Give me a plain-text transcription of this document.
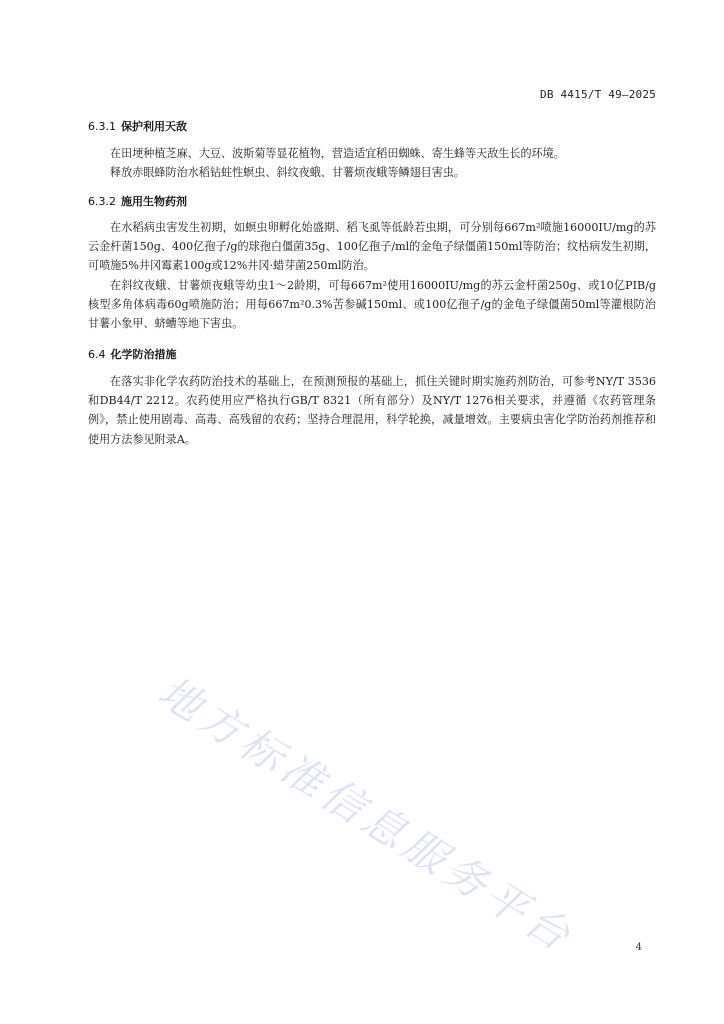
DB 4415/T 49—2025
6.3.1 保护利用天敌

在田埂种植芝麻、大豆、波斯菊等显花植物，营造适宜稻田蜘蛛、寄生蜂等天敌生长的环境。

释放赤眼蜂防治水稻钻蛀性螟虫、斜纹夜蛾、甘薯烦夜蛾等鳞翅目害虫。

6.3.2 施用生物药剂

在水稻病虫害发生初期，如螟虫卵孵化始盛期、稻飞虱等低龄若虫期，可分别每667m²喷施16000IU/mg的苏云金杆菌150g、400亿孢子/g的球孢白僵菌35g、100亿孢子/ml的金龟子绿僵菌150ml等防治；纹枯病发生初期，可喷施5%井冈霉素100g或12%井冈·蜡芽菌250ml防治。

在斜纹夜蛾、甘薯烦夜蛾等幼虫1～2龄期，可每667m²使用16000IU/mg的苏云金杆菌250g、或10亿PIB/g核型多角体病毒60g喷施防治；用每667m²0.3%苦参碱150ml、或100亿孢子/g的金龟子绿僵菌50ml等灌根防治甘薯小象甲、蛴螬等地下害虫。

6.4 化学防治措施

在落实非化学农药防治技术的基础上，在预测预报的基础上，抓住关键时期实施药剂防治，可参考NY/T 3536和DB44/T 2212。农药使用应严格执行GB/T 8321（所有部分）及NY/T 1276相关要求，并遵循《农药管理条例》，禁止使用剧毒、高毒、高残留的农药；坚持合理混用，科学轮换，减量增效。主要病虫害化学防治药剂推荐和使用方法参见附录A。

地方标准信息服务平台	4
